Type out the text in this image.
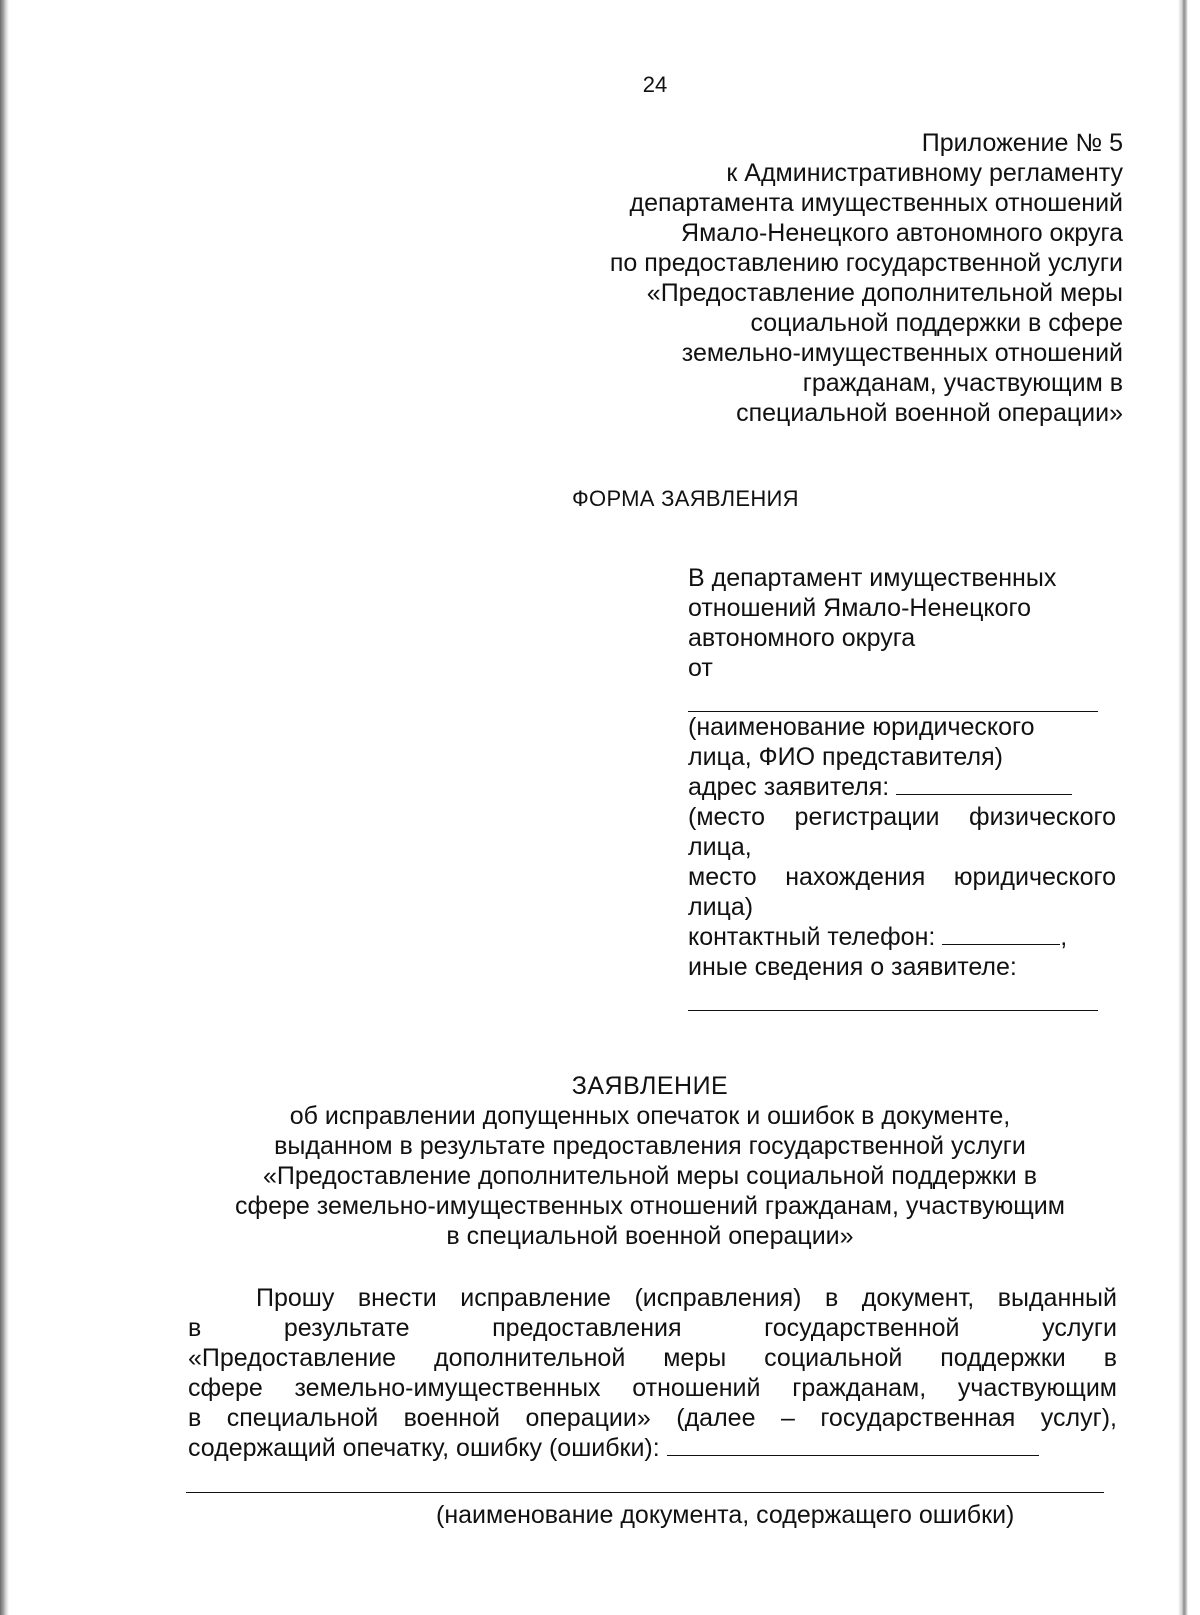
24
Приложение № 5
к Административному регламенту
департамента имущественных отношений
Ямало-Ненецкого автономного округа
по предоставлению государственной услуги
«Предоставление дополнительной меры
социальной поддержки в сфере
земельно-имущественных отношений
гражданам, участвующим в
специальной военной операции»
ФОРМА ЗАЯВЛЕНИЯ
В департамент имущественных
отношений Ямало-Ненецкого
автономного округа
от
(наименование юридического
лица, ФИО представителя)
адрес заявителя:
(место регистрации физического
лица,
место нахождения юридического
лица)
контактный телефон:	,
иные сведения о заявителе:
ЗАЯВЛЕНИЕ
об исправлении допущенных опечаток и ошибок в документе,
выданном в результате предоставления государственной услуги
«Предоставление дополнительной меры социальной поддержки в
сфере земельно-имущественных отношений гражданам, участвующим
в специальной военной операции»
Прошу внести исправление (исправления) в документ, выданный
в результате предоставления государственной услуги
«Предоставление дополнительной меры социальной поддержки в
сфере земельно-имущественных отношений гражданам, участвующим
в специальной военной операции» (далее – государственная услуг),
содержащий опечатку, ошибку (ошибки):
(наименование документа, содержащего ошибки)
